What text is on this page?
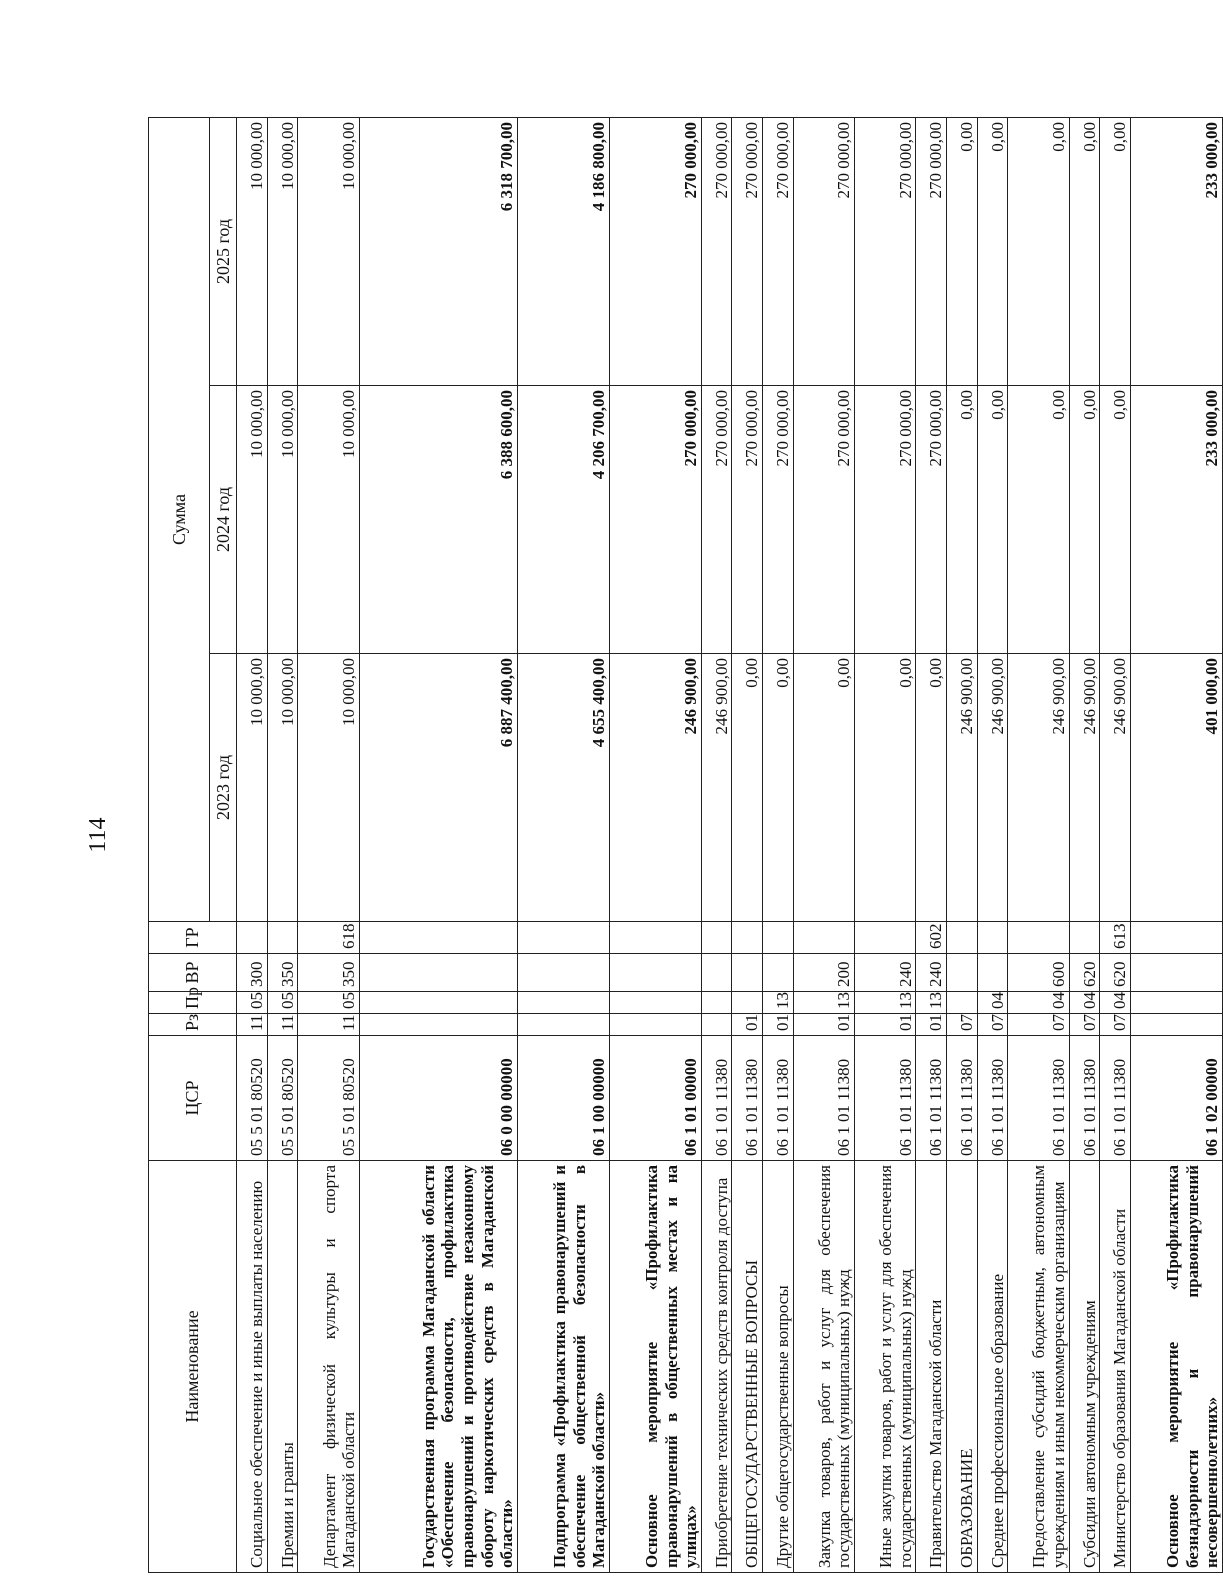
114
Наименование	ЦСР	Рз	Пр	ВР	ГР	Сумма		
						2023 год	2024 год	2025 год
Социальное обеспечение и иные выплаты населению	05 5 01 80520	11	05	300		10 000,00	10 000,00	10 000,00
Премии и гранты	05 5 01 80520	11	05	350		10 000,00	10 000,00	10 000,00
Департамент физической культуры и спорта Магаданской области	05 5 01 80520	11	05	350	618	10 000,00	10 000,00	10 000,00
Государственная программа Магаданской области «Обеспечение безопасности, профилактика правонарушений и противодействие незаконному обороту наркотических средств в Магаданской области»	06 0 00 00000					6 887 400,00	6 388 600,00	6 318 700,00
Подпрограмма «Профилактика правонарушений и обеспечение общественной безопасности в Магаданской области»	06 1 00 00000					4 655 400,00	4 206 700,00	4 186 800,00
Основное мероприятие «Профилактика правонарушений в общественных местах и на улицах»	06 1 01 00000					246 900,00	270 000,00	270 000,00
Приобретение технических средств контроля доступа	06 1 01 11380					246 900,00	270 000,00	270 000,00
ОБЩЕГОСУДАРСТВЕННЫЕ ВОПРОСЫ	06 1 01 11380	01				0,00	270 000,00	270 000,00
Другие общегосударственные вопросы	06 1 01 11380	01	13			0,00	270 000,00	270 000,00
Закупка товаров, работ и услуг для обеспечения государственных (муниципальных) нужд	06 1 01 11380	01	13	200		0,00	270 000,00	270 000,00
Иные закупки товаров, работ и услуг для обеспечения государственных (муниципальных) нужд	06 1 01 11380	01	13	240		0,00	270 000,00	270 000,00
Правительство Магаданской области	06 1 01 11380	01	13	240	602	0,00	270 000,00	270 000,00
ОБРАЗОВАНИЕ	06 1 01 11380	07				246 900,00	0,00	0,00
Среднее профессиональное образование	06 1 01 11380	07	04			246 900,00	0,00	0,00
Предоставление субсидий бюджетным, автономным учреждениям и иным некоммерческим организациям	06 1 01 11380	07	04	600		246 900,00	0,00	0,00
Субсидии автономным учреждениям	06 1 01 11380	07	04	620		246 900,00	0,00	0,00
Министерство образования Магаданской области	06 1 01 11380	07	04	620	613	246 900,00	0,00	0,00
Основное мероприятие «Профилактика безнадзорности и правонарушений несовершеннолетних»	06 1 02 00000					401 000,00	233 000,00	233 000,00
